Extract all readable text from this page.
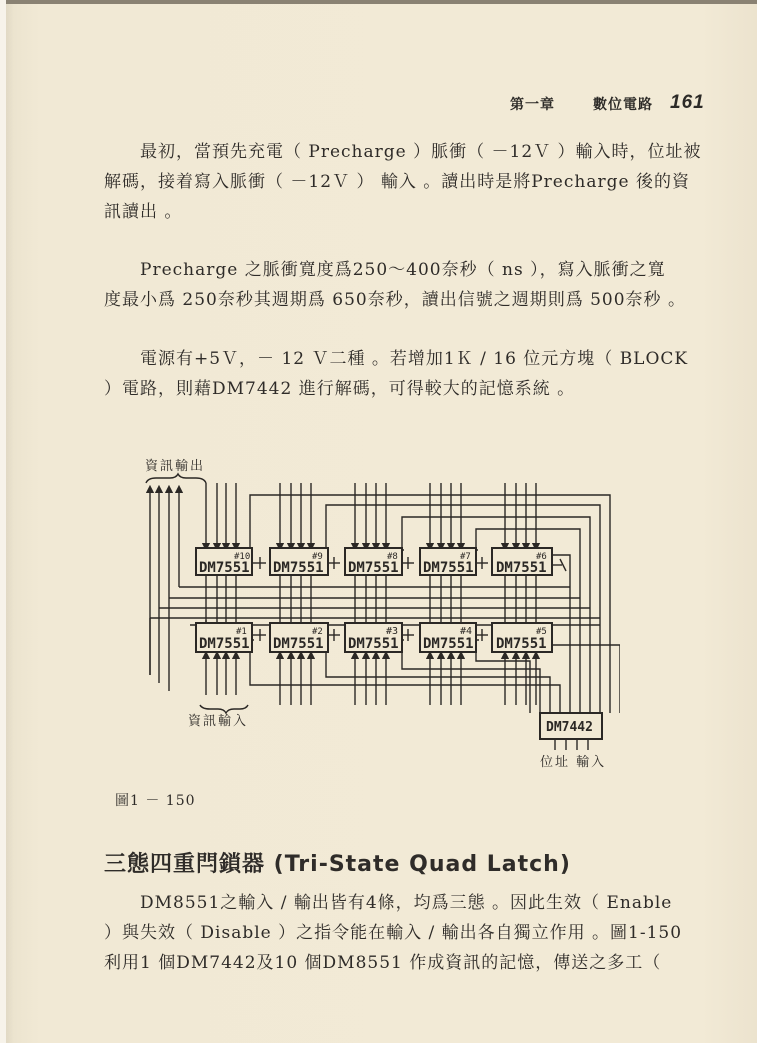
第一章	數位電路 161
最初，當預先充電（ Precharge ）脈衝（ －12Ｖ ）輸入時，位址被
解碼，接着寫入脈衝（ －12Ｖ ） 輸入 。讀出時是將Precharge 後的資
訊讀出 。
Precharge 之脈衝寬度爲250～400奈秒（ ns ），寫入脈衝之寬
度最小爲 250奈秒其週期爲 650奈秒，讀出信號之週期則爲 500奈秒 。
電源有+5Ｖ，－ 12 Ｖ二種 。若增加1Ｋ / 16 位元方塊（ BLOCK
）電路，則藉DM7442 進行解碼，可得較大的記憶系統 。
資訊輸出
資訊輸入
位址 輸入
DM7551
#10
DM7551
#9
DM7551
#8
DM7551
#7
DM7551
#6
DM7551
#1
DM7551
#2
DM7551
#3
DM7551
#4
DM7551
#5
DM7442
圖1 － 150
三態四重閂鎖器 (Tri-State Quad Latch)
DM8551之輸入 / 輸出皆有4條，均爲三態 。因此生效（ Enable
）與失效（ Disable ）之指令能在輸入 / 輸出各自獨立作用 。圖1-150
利用1 個DM7442及10 個DM8551 作成資訊的記憶，傳送之多工（
